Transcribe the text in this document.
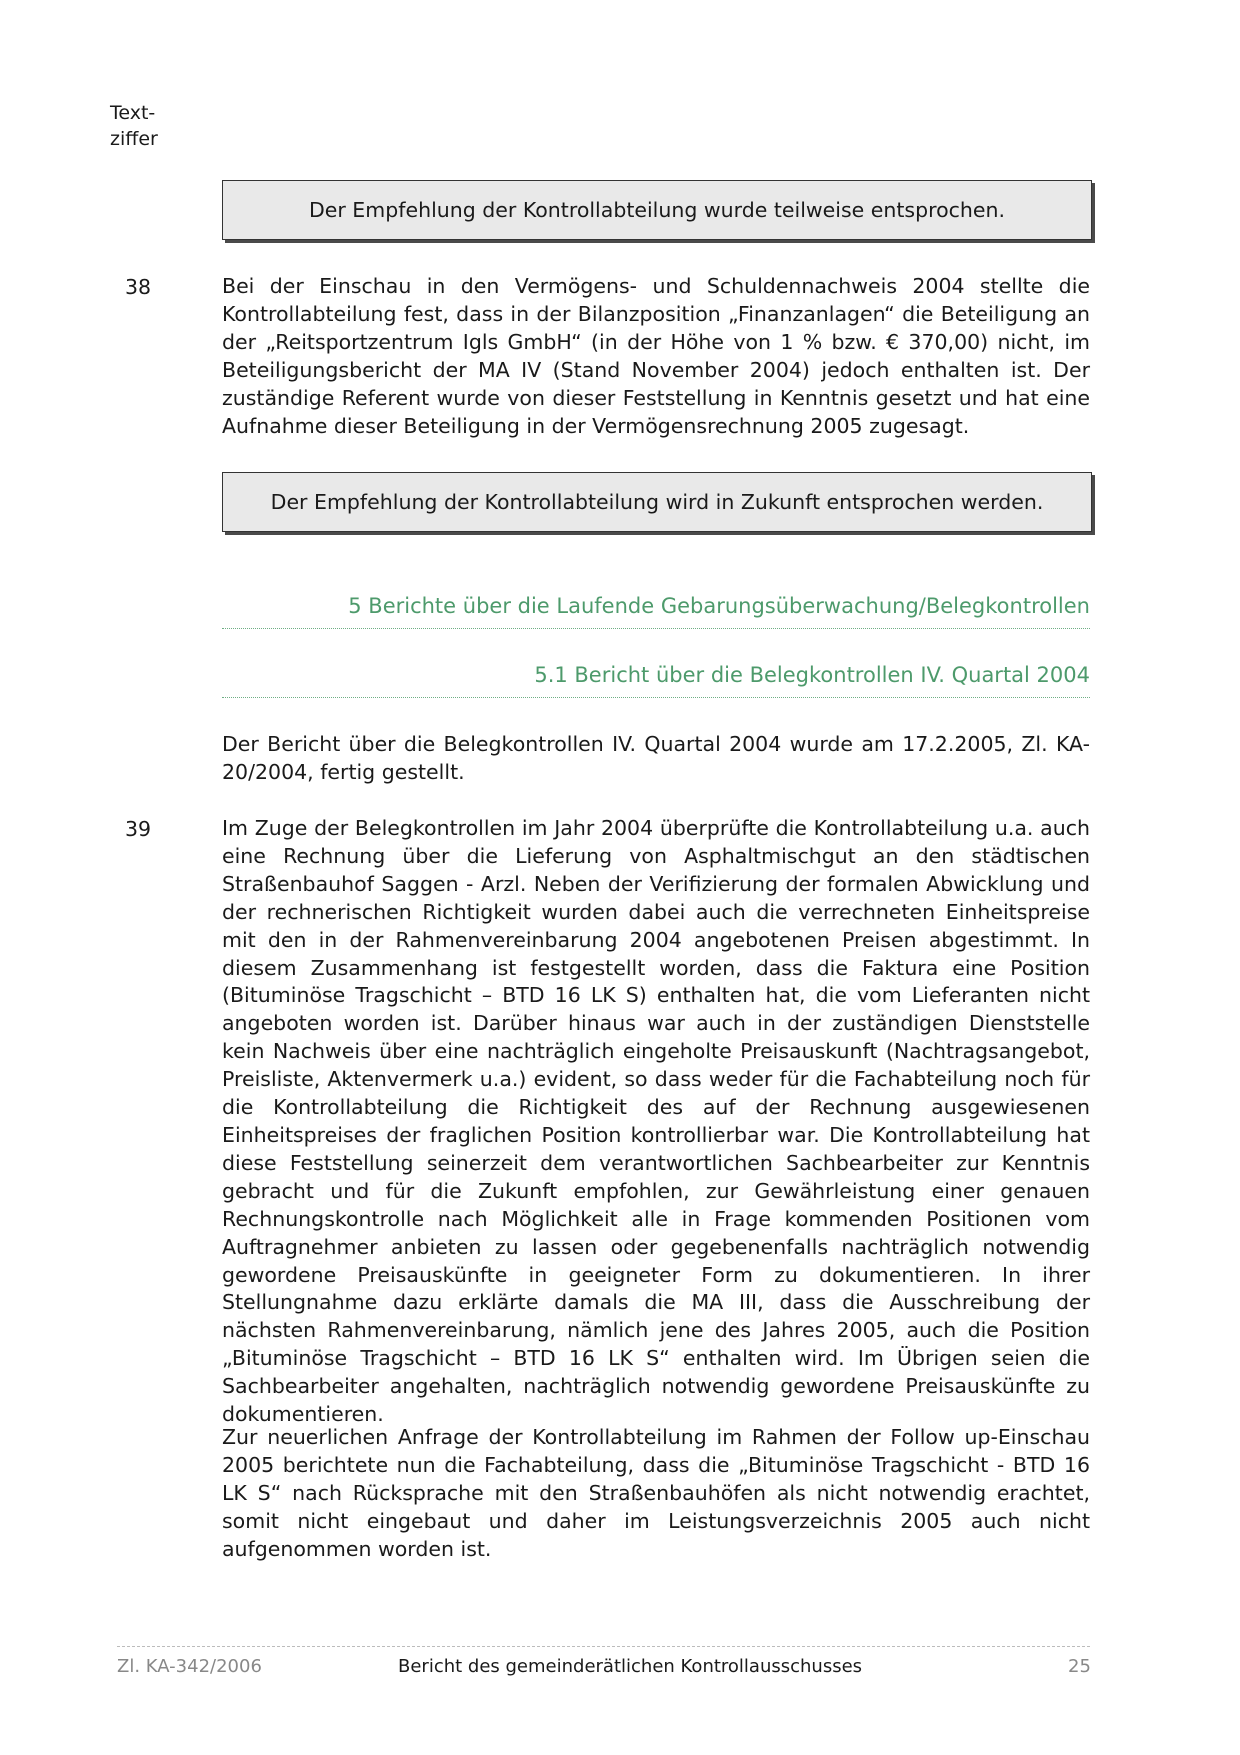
Text-
ziffer
Der Empfehlung der Kontrollabteilung wurde teilweise entsprochen.
38	Bei der Einschau in den Vermögens- und Schuldennachweis 2004 stellte die Kontrollabteilung fest, dass in der Bilanzposition „Finanzanlagen“ die Beteiligung an der „Reitsportzentrum Igls GmbH“ (in der Höhe von 1 % bzw. € 370,00) nicht, im Beteiligungsbericht der MA IV (Stand November 2004) jedoch enthalten ist. Der zuständige Referent wurde von dieser Feststellung in Kenntnis gesetzt und hat eine Aufnahme dieser Beteiligung in der Vermögensrechnung 2005 zugesagt.

Der Empfehlung der Kontrollabteilung wird in Zukunft entsprochen werden.
5 Berichte über die Laufende Gebarungsüberwachung/Belegkontrollen
5.1 Bericht über die Belegkontrollen IV. Quartal 2004

Der Bericht über die Belegkontrollen IV. Quartal 2004 wurde am 17.2.2005, Zl. KA-20/2004, fertig gestellt.

39	Im Zuge der Belegkontrollen im Jahr 2004 überprüfte die Kontrollabteilung u.a. auch eine Rechnung über die Lieferung von Asphaltmischgut an den städtischen Straßenbauhof Saggen - Arzl. Neben der Verifizierung der formalen Abwicklung und der rechnerischen Richtigkeit wurden dabei auch die verrechneten Einheitspreise mit den in der Rahmenvereinbarung 2004 angebotenen Preisen abgestimmt. In diesem Zusammenhang ist festgestellt worden, dass die Faktura eine Position (Bituminöse Tragschicht – BTD 16 LK S) enthalten hat, die vom Lieferanten nicht angeboten worden ist. Darüber hinaus war auch in der zuständigen Dienststelle kein Nachweis über eine nachträglich eingeholte Preisauskunft (Nachtragsangebot, Preisliste, Aktenvermerk u.a.) evident, so dass weder für die Fachabteilung noch für die Kontrollabteilung die Richtigkeit des auf der Rechnung ausgewiesenen Einheitspreises der fraglichen Position kontrollierbar war. Die Kontrollabteilung hat diese Feststellung seinerzeit dem verantwortlichen Sachbearbeiter zur Kenntnis gebracht und für die Zukunft empfohlen, zur Gewährleistung einer genauen Rechnungskontrolle nach Möglichkeit alle in Frage kommenden Positionen vom Auftragnehmer anbieten zu lassen oder gegebenenfalls nachträglich notwendig gewordene Preisauskünfte in geeigneter Form zu dokumentieren. In ihrer Stellungnahme dazu erklärte damals die MA III, dass die Ausschreibung der nächsten Rahmenvereinbarung, nämlich jene des Jahres 2005, auch die Position „Bituminöse Tragschicht – BTD 16 LK S“ enthalten wird. Im Übrigen seien die Sachbearbeiter angehalten, nachträglich notwendig gewordene Preisauskünfte zu dokumentieren.

Zur neuerlichen Anfrage der Kontrollabteilung im Rahmen der Follow up-Einschau 2005 berichtete nun die Fachabteilung, dass die „Bituminöse Tragschicht - BTD 16 LK S“ nach Rücksprache mit den Straßenbauhöfen als nicht notwendig erachtet, somit nicht eingebaut und daher im Leistungsverzeichnis 2005 auch nicht aufgenommen worden ist.

Zl. KA-342/2006	Bericht des gemeinderätlichen Kontrollausschusses	25
